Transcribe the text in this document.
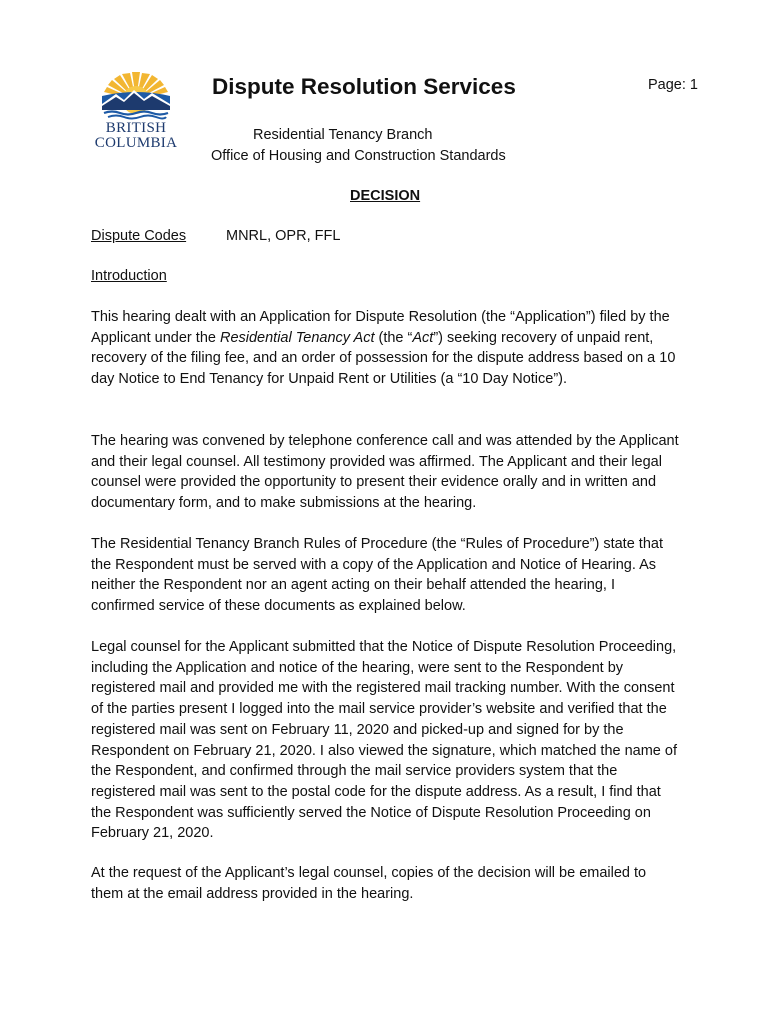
BRITISH
COLUMBIA
Dispute Resolution Services	Page: 1
Residential Tenancy Branch
Office of Housing and Construction Standards
DECISION
Dispute Codes	MNRL, OPR, FFL
Introduction

This hearing dealt with an Application for Dispute Resolution (the “Application”) filed by the Applicant under the Residential Tenancy Act (the “Act”) seeking recovery of unpaid rent, recovery of the filing fee, and an order of possession for the dispute address based on a 10 day Notice to End Tenancy for Unpaid Rent or Utilities (a “10 Day Notice”).

The hearing was convened by telephone conference call and was attended by the Applicant and their legal counsel. All testimony provided was affirmed. The Applicant and their legal counsel were provided the opportunity to present their evidence orally and in written and documentary form, and to make submissions at the hearing.

The Residential Tenancy Branch Rules of Procedure (the “Rules of Procedure”) state that the Respondent must be served with a copy of the Application and Notice of Hearing. As neither the Respondent nor an agent acting on their behalf attended the hearing, I confirmed service of these documents as explained below.

Legal counsel for the Applicant submitted that the Notice of Dispute Resolution Proceeding, including the Application and notice of the hearing, were sent to the Respondent by registered mail and provided me with the registered mail tracking number. With the consent of the parties present I logged into the mail service provider’s website and verified that the registered mail was sent on February 11, 2020 and picked-up and signed for by the Respondent on February 21, 2020. I also viewed the signature, which matched the name of the Respondent, and confirmed through the mail service providers system that the registered mail was sent to the postal code for the dispute address. As a result, I find that the Respondent was sufficiently served the Notice of Dispute Resolution Proceeding on February 21, 2020.

At the request of the Applicant’s legal counsel, copies of the decision will be emailed to them at the email address provided in the hearing.
